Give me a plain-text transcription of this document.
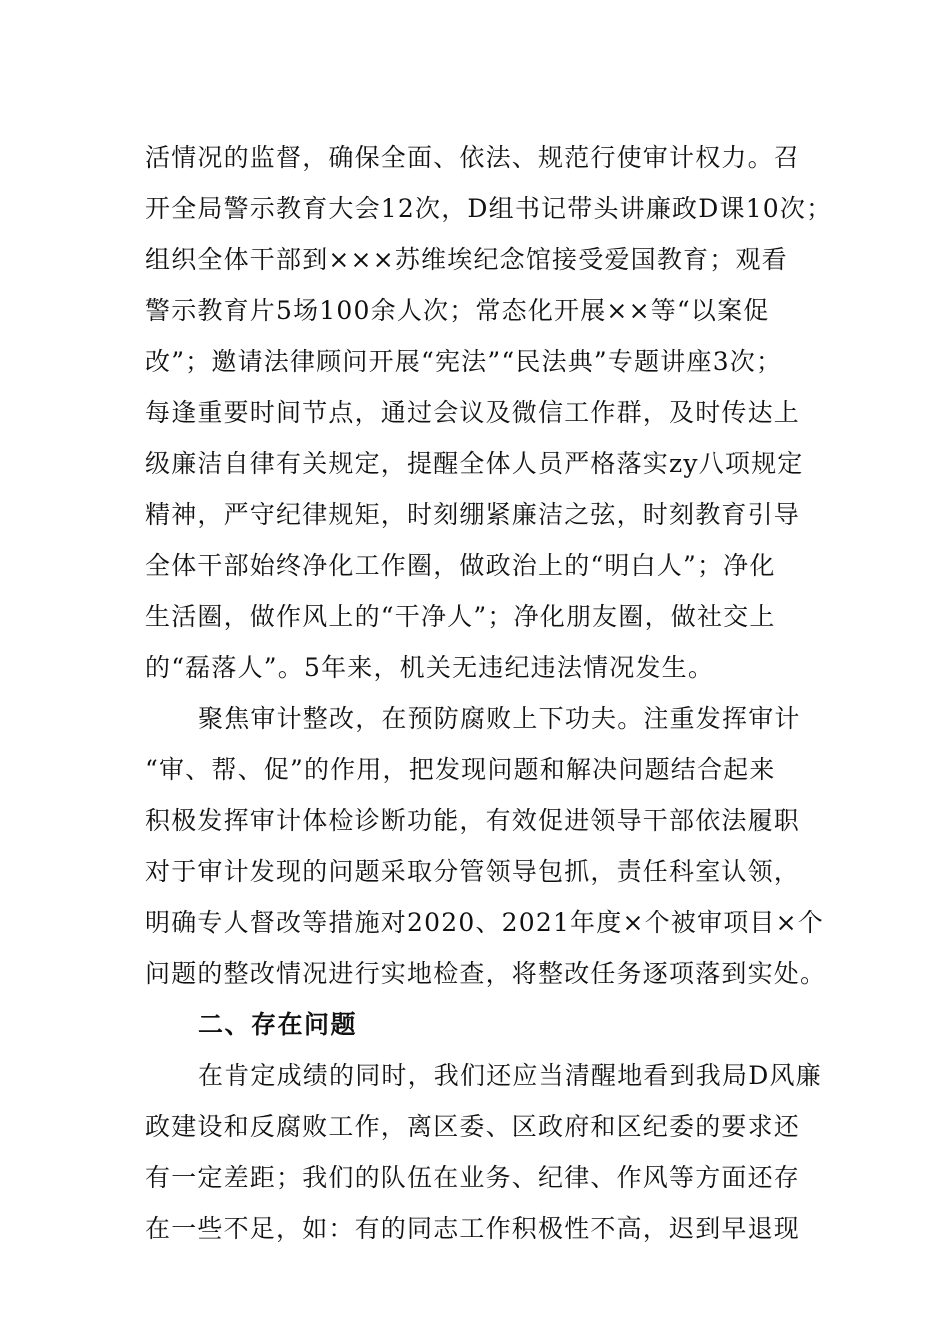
活情况的监督，确保全面、依法、规范行使审计权力。召
开全局警示教育大会12次，D组书记带头讲廉政D课10次；
组织全体干部到×××苏维埃纪念馆接受爱国教育；观看
警示教育片5场100余人次；常态化开展××等“以案促
改”；邀请法律顾问开展“宪法”“民法典”专题讲座3次；
每逢重要时间节点，通过会议及微信工作群，及时传达上
级廉洁自律有关规定，提醒全体人员严格落实zy八项规定
精神，严守纪律规矩，时刻绷紧廉洁之弦，时刻教育引导
全体干部始终净化工作圈，做政治上的“明白人”；净化
生活圈，做作风上的“干净人”；净化朋友圈，做社交上
的“磊落人”。5年来，机关无违纪违法情况发生。
聚焦审计整改，在预防腐败上下功夫。注重发挥审计
“审、帮、促”的作用，把发现问题和解决问题结合起来
积极发挥审计体检诊断功能，有效促进领导干部依法履职
对于审计发现的问题采取分管领导包抓，责任科室认领，
明确专人督改等措施对2020、2021年度×个被审项目×个
问题的整改情况进行实地检查，将整改任务逐项落到实处。
二、存在问题
在肯定成绩的同时，我们还应当清醒地看到我局D风廉
政建设和反腐败工作，离区委、区政府和区纪委的要求还
有一定差距；我们的队伍在业务、纪律、作风等方面还存
在一些不足，如：有的同志工作积极性不高，迟到早退现
